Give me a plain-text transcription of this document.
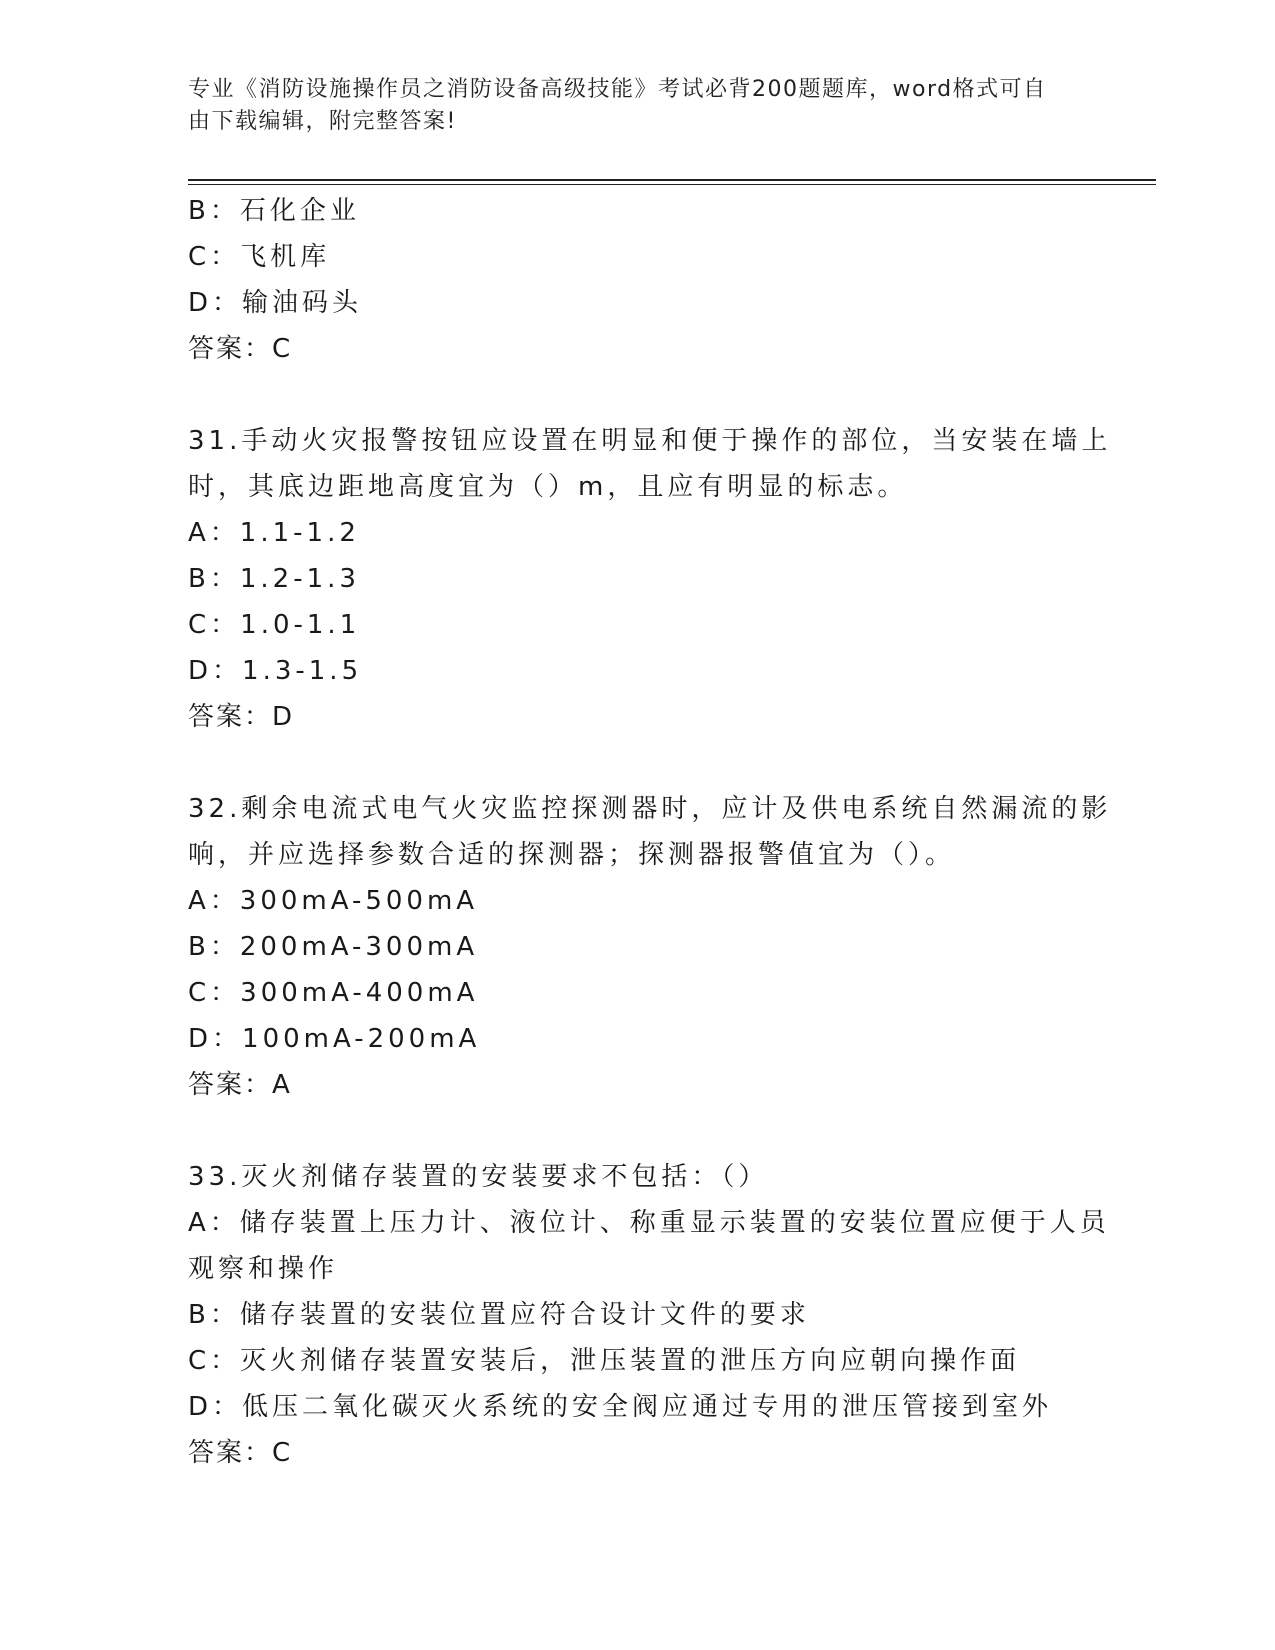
专业《消防设施操作员之消防设备高级技能》考试必背200题题库，word格式可自由下载编辑，附完整答案!
B：石化企业
C：飞机库
D：输油码头
答案：C
31.手动火灾报警按钮应设置在明显和便于操作的部位，当安装在墙上
时，其底边距地高度宜为（）m，且应有明显的标志。
A：1.1-1.2
B：1.2-1.3
C：1.0-1.1
D：1.3-1.5
答案：D
32.剩余电流式电气火灾监控探测器时，应计及供电系统自然漏流的影
响，并应选择参数合适的探测器；探测器报警值宜为（）。
A：300mA-500mA
B：200mA-300mA
C：300mA-400mA
D：100mA-200mA
答案：A
33.灭火剂储存装置的安装要求不包括：（）
A：储存装置上压力计、液位计、称重显示装置的安装位置应便于人员
观察和操作
B：储存装置的安装位置应符合设计文件的要求
C：灭火剂储存装置安装后，泄压装置的泄压方向应朝向操作面
D：低压二氧化碳灭火系统的安全阀应通过专用的泄压管接到室外
答案：C
